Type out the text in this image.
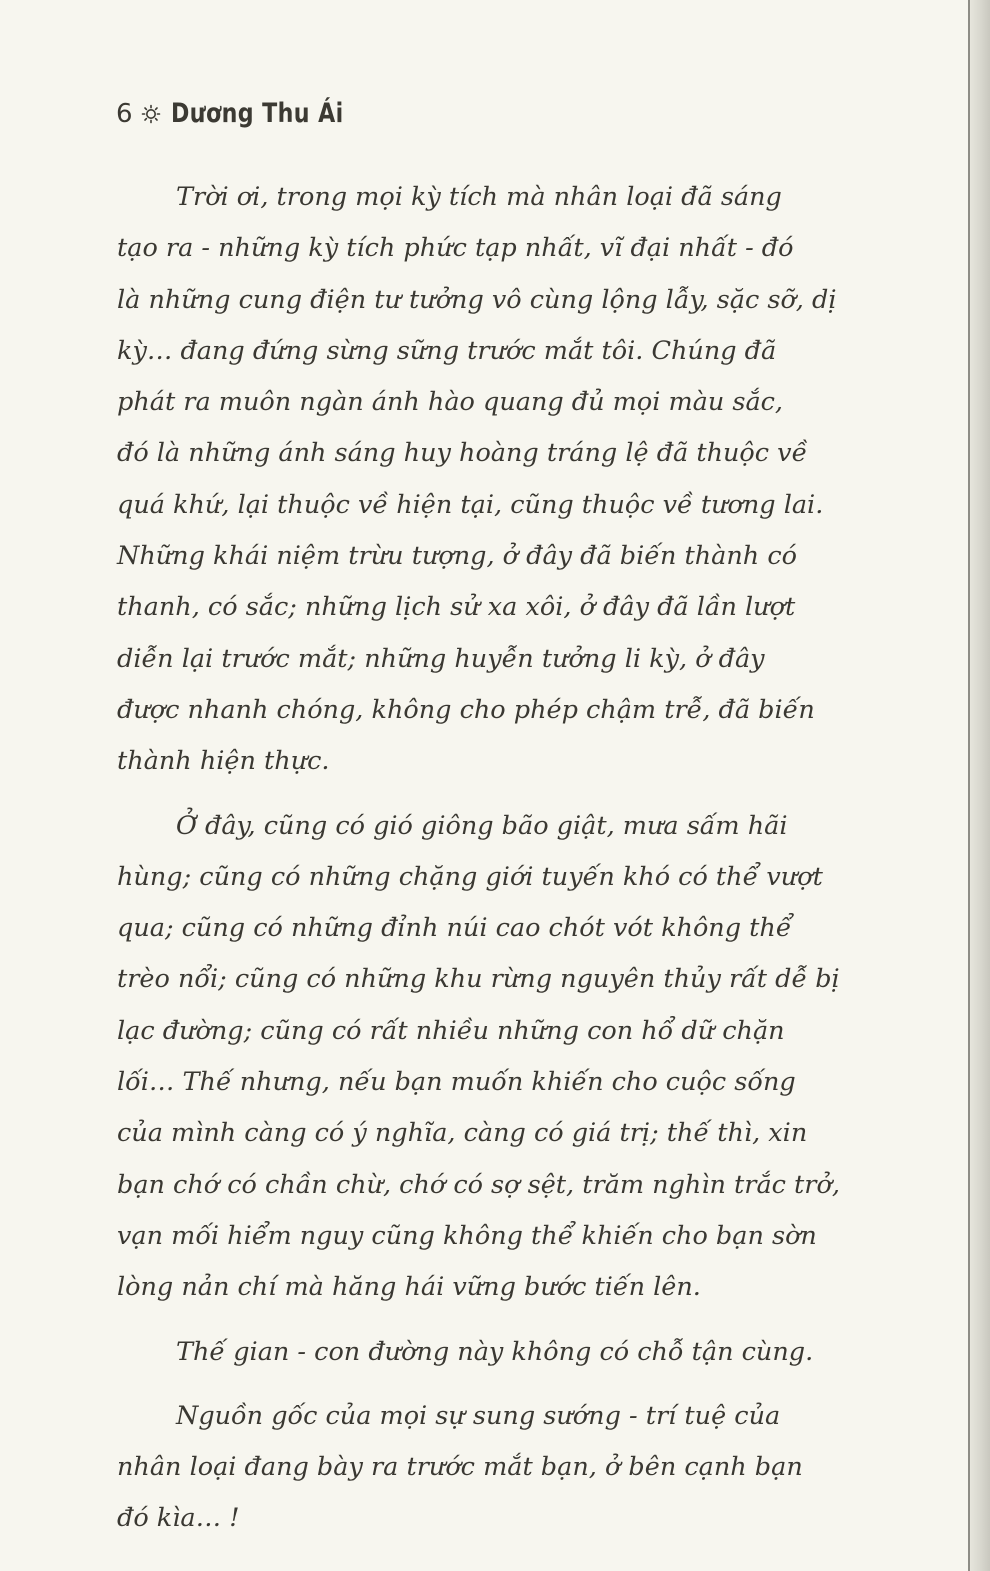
6 Dương Thu Ái

Trời ơi, trong mọi kỳ tích mà nhân loại đã sáng
tạo ra - những kỳ tích phức tạp nhất, vĩ đại nhất - đó
là những cung điện tư tưởng vô cùng lộng lẫy, sặc sỡ, dị
kỳ… đang đứng sừng sững trước mắt tôi. Chúng đã
phát ra muôn ngàn ánh hào quang đủ mọi màu sắc,
đó là những ánh sáng huy hoàng tráng lệ đã thuộc về
quá khứ, lại thuộc về hiện tại, cũng thuộc về tương lai.
Những khái niệm trừu tượng, ở đây đã biến thành có
thanh, có sắc; những lịch sử xa xôi, ở đây đã lần lượt
diễn lại trước mắt; những huyễn tưởng li kỳ, ở đây
được nhanh chóng, không cho phép chậm trễ, đã biến
thành hiện thực.

Ở đây, cũng có gió giông bão giật, mưa sấm hãi
hùng; cũng có những chặng giới tuyến khó có thể vượt
qua; cũng có những đỉnh núi cao chót vót không thể
trèo nổi; cũng có những khu rừng nguyên thủy rất dễ bị
lạc đường; cũng có rất nhiều những con hổ dữ chặn
lối… Thế nhưng, nếu bạn muốn khiến cho cuộc sống
của mình càng có ý nghĩa, càng có giá trị; thế thì, xin
bạn chớ có chần chừ, chớ có sợ sệt, trăm nghìn trắc trở,
vạn mối hiểm nguy cũng không thể khiến cho bạn sờn
lòng nản chí mà hăng hái vững bước tiến lên.

Thế gian - con đường này không có chỗ tận cùng.

Nguồn gốc của mọi sự sung sướng - trí tuệ của
nhân loại đang bày ra trước mắt bạn, ở bên cạnh bạn
đó kìa… !
